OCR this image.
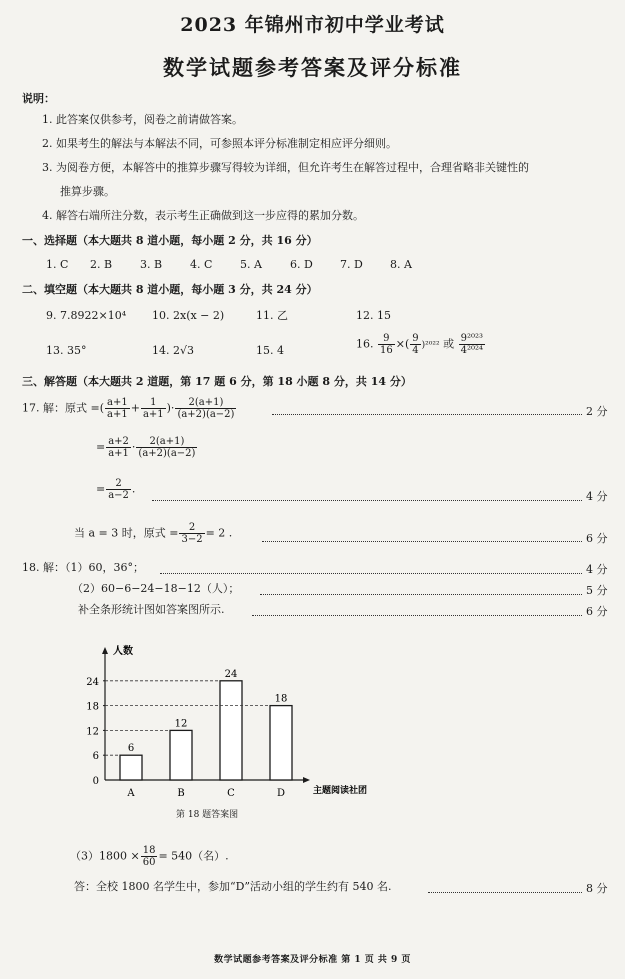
2023 年锦州市初中学业考试
数学试题参考答案及评分标准
说明：
1. 此答案仅供参考，阅卷之前请做答案。
2. 如果考生的解法与本解法不同，可参照本评分标准制定相应评分细则。
3. 为阅卷方便，本解答中的推算步骤写得较为详细，但允许考生在解答过程中，合理省略非关键性的
推算步骤。
4. 解答右端所注分数，表示考生正确做到这一步应得的累加分数。
一、选择题（本大题共 8 道小题，每小题 2 分，共 16 分）
1. C 2. B	3. B	4. C	5. A	6. D 7. D 8. A
二、填空题（本大题共 8 道小题，每小题 3 分，共 24 分）
9. 7.8922×10⁴ 10. 2x(x − 2)	11. 乙	12. 15
13. 35°	14. 2√3	15. 4	16. $\frac{9}{16}$ ×( $\frac{9}{4} )^{2022}$ 或 $\frac{\text{9²⁰²³}}{\text{4²⁰²⁴}}$
三、解答题（本大题共 2 道题，第 17 题 6 分，第 18 小题 8 分，共 14 分）
17. 解：原式 =( $\frac{a+1}{a+1} + \frac{1}{a+1}$ )· $\frac{2(a+1)}{(a+2)(a-2)}$	2 分
= $\frac{a+2}{a+1} \cdot \frac{2(a+1)}{(a+2)(a-2)}$
= $\frac{2}{a-2}$ .
4 分
当 a = 3 时，原式 = $\frac{2}{3-2} = 2$ .	6 分
18. 解：（1）60，36°；	4 分
（2）60−6−24−18−12（人）；	5 分
补全条形统计图如答案图所示.	6 分
人数
主题阅读社团
0
6
12
18
24
6
A
12
B
24
C
18
D
第 18 题答案图
$(3)1800 \times \frac{18}{60} = 540$（名）.
答：全校 1800 名学生中，参加“D”活动小组的学生约有 540 名.	8 分
数学试题参考答案及评分标准 第 1 页 共 9 页
